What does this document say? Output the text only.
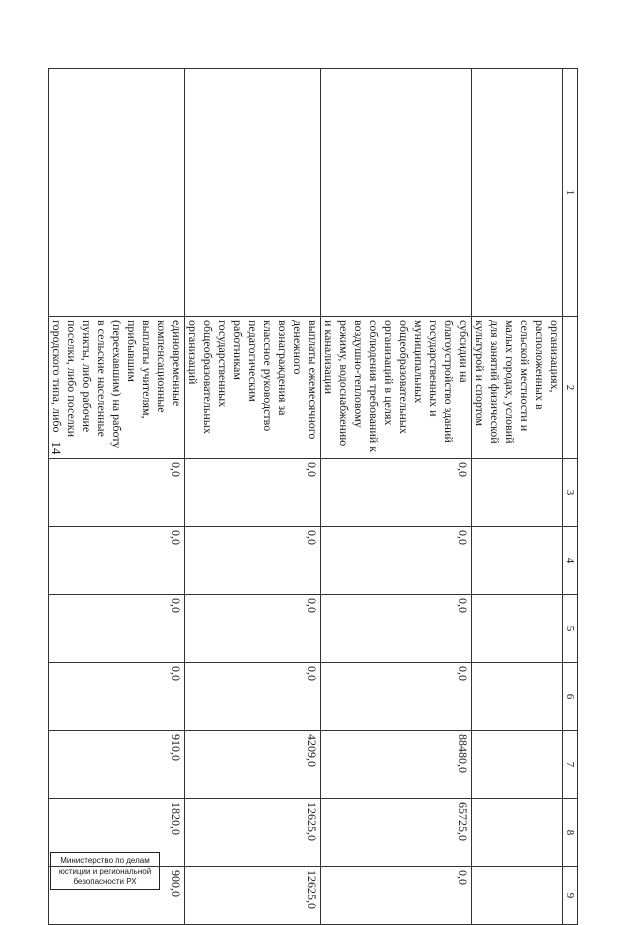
14
1	2	3	4	5	6	7	8	9
	организациях, расположенных в сельской местности и малых городах, условий для занятий физической культурой и спортом							
	субсидии на благоустройство зданий государственных и муниципальных общеобразовательных организаций в целях соблюдения требований к воздушно-тепловому режиму, водоснабжению и канализации	0,0	0,0	0,0	0,0	88480,0	65725,0	0,0
	выплаты ежемесячного денежного вознаграждения за классное руководство педагогическим работникам государственных общеобразовательных организаций	0,0	0,0	0,0	0,0	4209,0	12625,0	12625,0
	единовременные компенсационные выплаты учителям, прибывшим (переехавшим) на работу в сельские населенные пункты, либо рабочие поселки, либо поселки городского типа, либо	0,0	0,0	0,0	0,0	910,0	1820,0	900,0
Министерство по делам
юстиции и региональной
безопасности РХ
